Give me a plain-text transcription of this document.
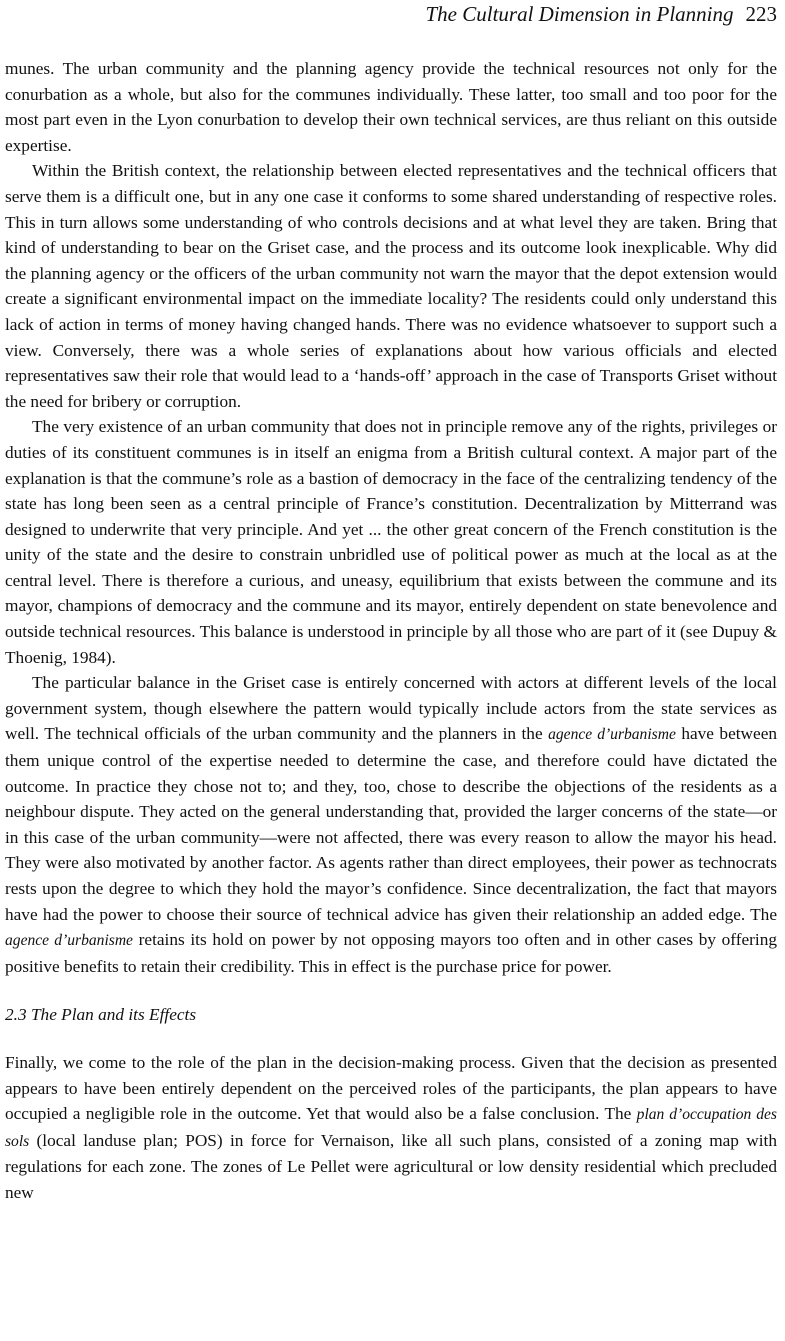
The Cultural Dimension in Planning 223

munes. The urban community and the planning agency provide the technical resources not only for the conurbation as a whole, but also for the communes individually. These latter, too small and too poor for the most part even in the Lyon conurbation to develop their own technical services, are thus reliant on this outside expertise.

Within the British context, the relationship between elected representatives and the technical officers that serve them is a difficult one, but in any one case it conforms to some shared understanding of respective roles. This in turn allows some understanding of who controls decisions and at what level they are taken. Bring that kind of understanding to bear on the Griset case, and the process and its outcome look inexplicable. Why did the planning agency or the officers of the urban community not warn the mayor that the depot extension would create a significant environmental impact on the immediate locality? The residents could only understand this lack of action in terms of money having changed hands. There was no evidence whatsoever to support such a view. Conversely, there was a whole series of explanations about how various officials and elected representatives saw their role that would lead to a ‘hands-off’ approach in the case of Transports Griset without the need for bribery or corruption.

The very existence of an urban community that does not in principle remove any of the rights, privileges or duties of its constituent communes is in itself an enigma from a British cultural context. A major part of the explanation is that the commune’s role as a bastion of democracy in the face of the centralizing tendency of the state has long been seen as a central principle of France’s constitution. Decentralization by Mitterrand was designed to underwrite that very principle. And yet ... the other great concern of the French constitution is the unity of the state and the desire to constrain unbridled use of political power as much at the local as at the central level. There is therefore a curious, and uneasy, equilibrium that exists between the commune and its mayor, champions of democracy and the commune and its mayor, entirely dependent on state benevolence and outside technical resources. This balance is understood in principle by all those who are part of it (see Dupuy & Thoenig, 1984).

The particular balance in the Griset case is entirely concerned with actors at different levels of the local government system, though elsewhere the pattern would typically include actors from the state services as well. The technical officials of the urban community and the planners in the agence d’urbanisme have between them unique control of the expertise needed to determine the case, and therefore could have dictated the outcome. In practice they chose not to; and they, too, chose to describe the objections of the residents as a neighbour dispute. They acted on the general understanding that, provided the larger concerns of the state—or in this case of the urban community—were not affected, there was every reason to allow the mayor his head. They were also motivated by another factor. As agents rather than direct employees, their power as technocrats rests upon the degree to which they hold the mayor’s confidence. Since decentralization, the fact that mayors have had the power to choose their source of technical advice has given their relationship an added edge. The agence d’urbanisme retains its hold on power by not opposing mayors too often and in other cases by offering positive benefits to retain their credibility. This in effect is the purchase price for power.

2.3 The Plan and its Effects

Finally, we come to the role of the plan in the decision-making process. Given that the decision as presented appears to have been entirely dependent on the perceived roles of the participants, the plan appears to have occupied a negligible role in the outcome. Yet that would also be a false conclusion. The plan d’occupation des sols (local landuse plan; POS) in force for Vernaison, like all such plans, consisted of a zoning map with regulations for each zone. The zones of Le Pellet were agricultural or low density residential which precluded new
